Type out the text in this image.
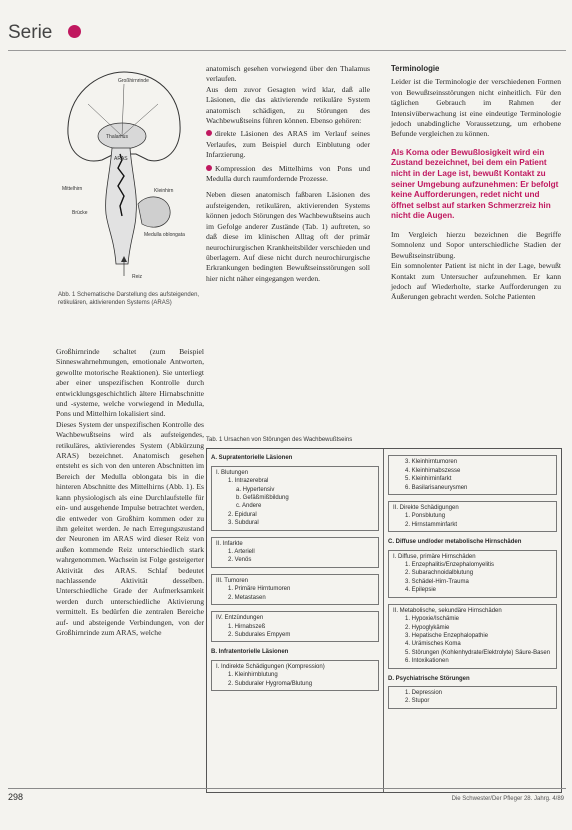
Serie
Großhirnrinde
Thalamus
ARAS
Mittelhirn
Brücke
Kleinhirn
Medulla oblongata
Reiz
Abb. 1 Schematische Darstellung des aufsteigenden, retikulären, aktivierenden Systems (ARAS)

Großhirnrinde schaltet (zum Beispiel Sinneswahrnehmungen, emotionale Antworten, gewollte motorische Reaktionen). Sie unterliegt aber einer unspezifischen Kontrolle durch entwicklungsgeschichtlich ältere Hirnabschnitte und -systeme, welche vorwiegend in Medulla, Pons und Mittelhirn lokalisiert sind.

Dieses System der unspezifischen Kontrolle des Wachbewußtseins wird als aufsteigendes, retikuläres, aktivierendes System (Abkürzung ARAS) bezeichnet. Anatomisch gesehen entsteht es sich von den unteren Abschnitten im Bereich der Medulla oblongata bis in die hinteren Abschnitte des Mittelhirns (Abb. 1). Es kann physiologisch als eine Durchlaufstelle für ein- und ausgehende Impulse betrachtet werden, die entweder von Großhirn kommen oder zu ihm geleitet werden. Je nach Erregungszustand der Neuronen im ARAS wird dieser Reiz von außen kommende Reiz unterschiedlich stark wahrgenommen. Wachsein ist Folge gesteigerter Aktivität des ARAS. Schlaf bedeutet nachlassende Aktivität desselben. Unterschiedliche Grade der Aufmerksamkeit werden durch unterschiedliche Aktivierung vermittelt. Es bedürfen die zentralen Bereiche auf- und absteigende Verbindungen, von der Großhirnrinde zum ARAS, welche

anatomisch gesehen vorwiegend über den Thalamus verlaufen.

Aus dem zuvor Gesagten wird klar, daß alle Läsionen, die das aktivierende retikuläre System anatomisch schädigen, zu Störungen des Wachbewußtseins führen können. Ebenso gehören:

direkte Läsionen des ARAS im Verlauf seines Verlaufes, zum Beispiel durch Einblutung oder Infarzierung.
Kompression des Mittelhirns von Pons und Medulla durch raumfordernde Prozesse.

Neben diesen anatomisch faßbaren Läsionen des aufsteigenden, retikulären, aktivierenden Systems können jedoch Störungen des Wachbewußtseins auch im Gefolge anderer Zustände (Tab. 1) auftreten, so daß diese im klinischen Alltag oft der primär neurochirurgischen Krankheitsbilder verschieden und überlagern. Auf diese nicht durch neurochirurgische Erkrankungen bedingten Bewußtseinsstörungen soll hier nicht näher eingegangen werden.

Terminologie

Leider ist die Terminologie der verschiedenen Formen von Bewußtseinsstörungen nicht einheitlich. Für den täglichen Gebrauch im Rahmen der Intensivüberwachung ist eine eindeutige Terminologie jedoch unabdingliche Voraussetzung, um erhobene Befunde vergleichen zu können.

Als Koma oder Bewußlosigkeit wird ein Zustand bezeichnet, bei dem ein Patient nicht in der Lage ist, bewußt Kontakt zu seiner Umgebung aufzunehmen: Er befolgt keine Aufforderungen, redet nicht und öffnet selbst auf starken Schmerzreiz hin nicht die Augen.

Im Vergleich hierzu bezeichnen die Begriffe Somnolenz und Sopor unterschiedliche Stadien der Bewußtseinstrübung.

Ein somnolenter Patient ist nicht in der Lage, bewußt Kontakt zum Untersucher aufzunehmen. Er kann jedoch auf Wiederholte, starke Aufforderungen zu Äußerungen gebracht werden. Solche Patienten

Tab. 1 Ursachen von Störungen des Wachbewußtseins
A. Supratentorielle Läsionen
I. Blutungen
1. Intrazerebral
a. Hypertensiv
b. Gefäßmißbildung
c. Andere
2. Epidural
3. Subdural
II. Infarkte
1. Arteriell
2. Venös
III. Tumoren
1. Primäre Hirntumoren
2. Metastasen
IV. Entzündungen
1. Hirnabszeß
2. Subdurales Empyem
B. Infratentorielle Läsionen
I. Indirekte Schädigungen (Kompression)
1. Kleinhirnblutung
2. Subduraler Hygroma/Blutung
3. Kleinhirntumoren
4. Kleinhirnabszesse
5. Kleinhirninfarkt
6. Basilarisaneurysmen
II. Direkte Schädigungen
1. Ponsblutung
2. Hirnstamminfarkt
C. Diffuse und/oder metabolische Hirnschäden
I. Diffuse, primäre Hirnschäden
1. Enzephalitis/Enzephalomyelitis
2. Subarachnoidalblutung
3. Schädel-Hirn-Trauma
4. Epilepsie
II. Metabolische, sekundäre Hirnschäden
1. Hypoxie/Ischämie
2. Hypoglykämie
3. Hepatische Enzephalopathie
4. Urämisches Koma
5. Störungen (Kohlenhydrate/Elektrolyte) Säure-Basen
6. Intoxikationen
D. Psychiatrische Störungen
1. Depression
2. Stupor
298	Die Schwester/Der Pfleger 28. Jahrg. 4/89
